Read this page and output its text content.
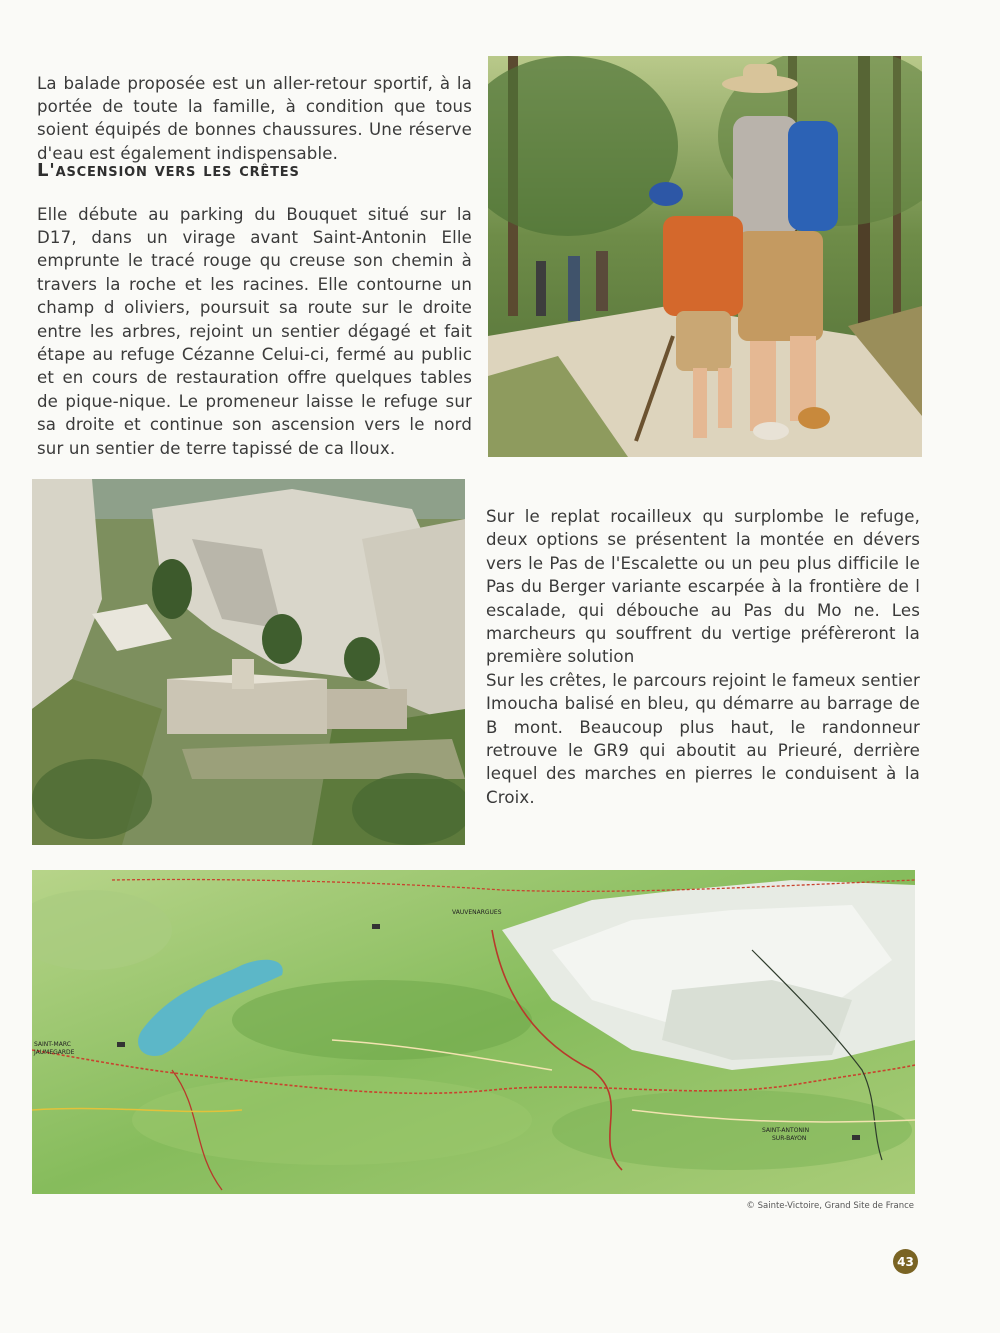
La balade proposée est un aller-retour sportif, à la portée de toute la famille, à condition que tous soient équipés de bonnes chaussures. Une réserve d'eau est également indispensable.

L'ascension vers les crêtes

Elle débute au parking du Bouquet situé sur la D17, dans un virage avant Saint-Antonin Elle emprunte le tracé rouge qu creuse son chemin à travers la roche et les racines. Elle contourne un champ d oliviers, poursuit sa route sur le droite entre les arbres, rejoint un sentier dégagé et fait étape au refuge Cézanne Celui-ci, fermé au public et en cours de restauration offre quelques tables de pique-nique. Le promeneur laisse le refuge sur sa droite et continue son ascension vers le nord sur un sentier de terre tapissé de ca lloux.

Sur le replat rocailleux qu surplombe le refuge, deux options se présentent la montée en dévers vers le Pas de l'Escalette ou un peu plus difficile le Pas du Berger variante escarpée à la frontière de l escalade, qui débouche au Pas du Mo ne. Les marcheurs qu souffrent du vertige préfèreront la première solution

Sur les crêtes, le parcours rejoint le fameux sentier Imoucha balisé en bleu, qu démarre au barrage de B mont. Beaucoup plus haut, le randonneur retrouve le GR9 qui aboutit au Prieuré, derrière lequel des marches en pierres le conduisent à la Croix.

VAUVENARGUES
SAINT-MARC
JAUMEGARDE
SAINT-ANTONIN
SUR-BAYON

© Sainte-Victoire, Grand Site de France

43
